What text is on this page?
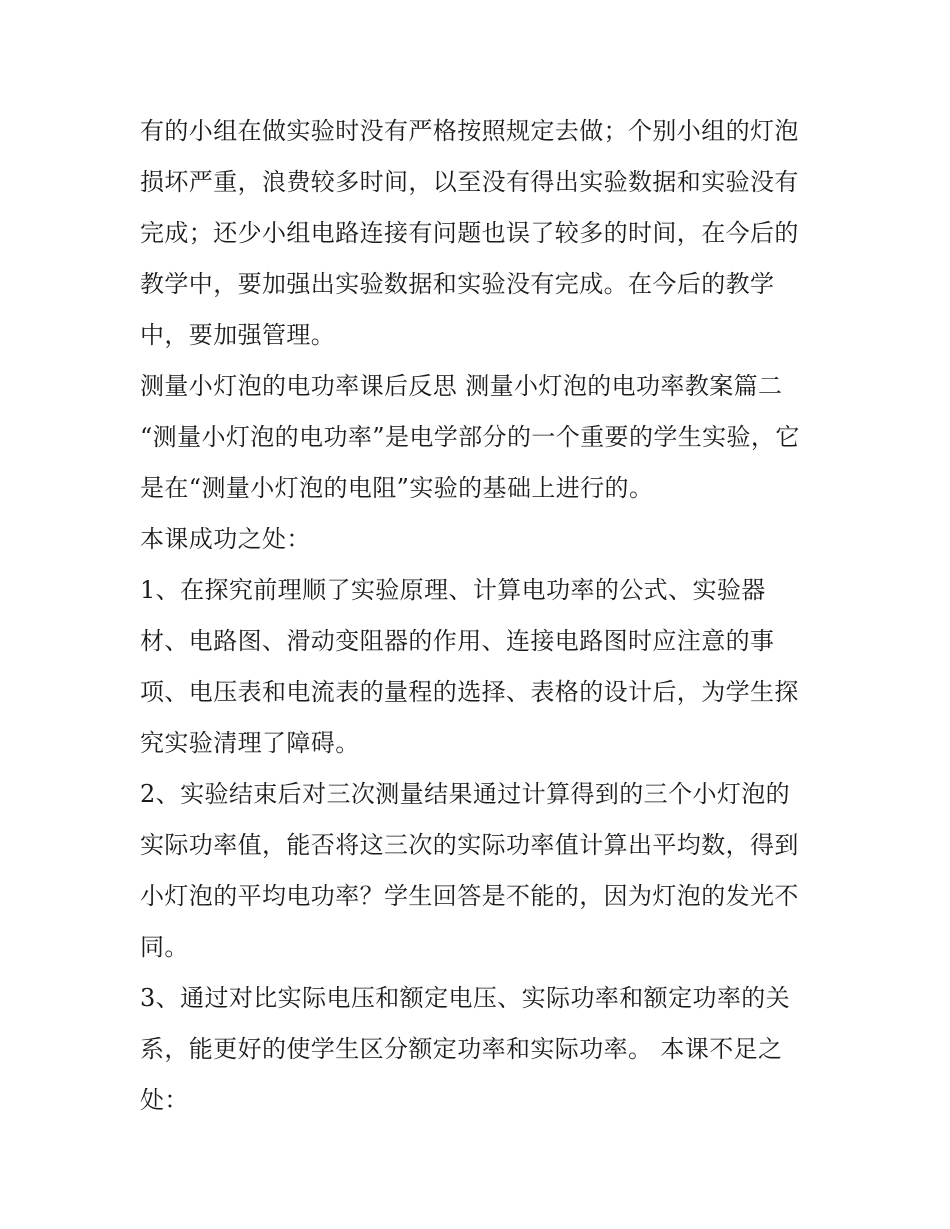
有的小组在做实验时没有严格按照规定去做；个别小组的灯泡
损坏严重，浪费较多时间，以至没有得出实验数据和实验没有
完成；还少小组电路连接有问题也误了较多的时间，在今后的
教学中，要加强出实验数据和实验没有完成。在今后的教学
中，要加强管理。
测量小灯泡的电功率课后反思 测量小灯泡的电功率教案篇二
“测量小灯泡的电功率”是电学部分的一个重要的学生实验，它
是在“测量小灯泡的电阻”实验的基础上进行的。
本课成功之处：
1、在探究前理顺了实验原理、计算电功率的公式、实验器
材、电路图、滑动变阻器的作用、连接电路图时应注意的事
项、电压表和电流表的量程的选择、表格的设计后，为学生探
究实验清理了障碍。
2、实验结束后对三次测量结果通过计算得到的三个小灯泡的
实际功率值，能否将这三次的实际功率值计算出平均数，得到
小灯泡的平均电功率？学生回答是不能的，因为灯泡的发光不
同。
3、通过对比实际电压和额定电压、实际功率和额定功率的关
系，能更好的使学生区分额定功率和实际功率。 本课不足之
处：
